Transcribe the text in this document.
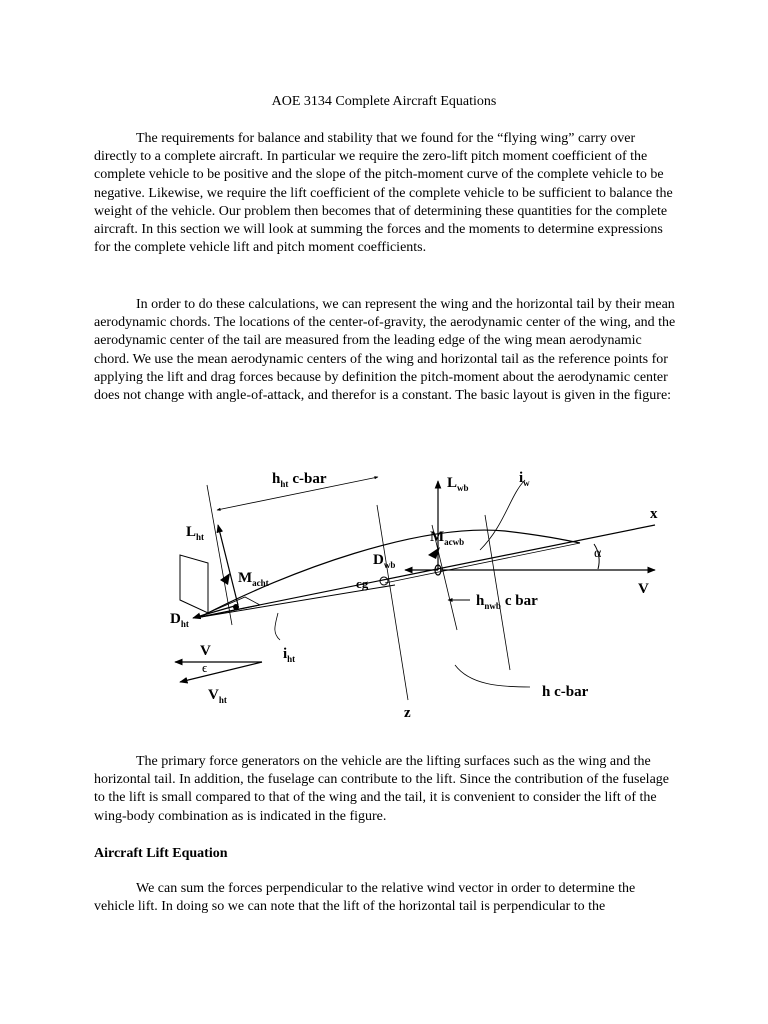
AOE 3134 Complete Aircraft Equations

The requirements for balance and stability that we found for the “flying wing” carry over directly to a complete aircraft. In particular we require the zero-lift pitch moment coefficient of the complete vehicle to be positive and the slope of the pitch-moment curve of the complete vehicle to be negative. Likewise, we require the lift coefficient of the complete vehicle to be sufficient to balance the weight of the vehicle. Our problem then becomes that of determining these quantities for the complete aircraft. In this section we will look at summing the forces and the moments to determine expressions for the complete vehicle lift and pitch moment coefficients.

In order to do these calculations, we can represent the wing and the horizontal tail by their mean aerodynamic chords. The locations of the center-of-gravity, the aerodynamic center of the wing, and the aerodynamic center of the tail are measured from the leading edge of the wing mean aerodynamic chord. We use the mean aerodynamic centers of the wing and horizontal tail as the reference points for applying the lift and drag forces because by definition the pitch-moment about the aerodynamic center does not change with angle-of-attack, and therefor is a constant. The basic layout is given in the figure:

$h_{ht}$ c-bar	$L_{wb}$
$i_w$
x
$L_{ht}$	$M_{acwb}$
$D_{wb}$
α
$M_{acht}$	cg	V
$D_{ht}$
$h_{nwb}$ c bar
V
ϵ
$i_{ht}$
$V_{ht}$	h c-bar
z

The primary force generators on the vehicle are the lifting surfaces such as the wing and the horizontal tail. In addition, the fuselage can contribute to the lift. Since the contribution of the fuselage to the lift is small compared to that of the wing and the tail, it is convenient to consider the lift of the wing-body combination as is indicated in the figure.

Aircraft Lift Equation

We can sum the forces perpendicular to the relative wind vector in order to determine the vehicle lift. In doing so we can note that the lift of the horizontal tail is perpendicular to the
